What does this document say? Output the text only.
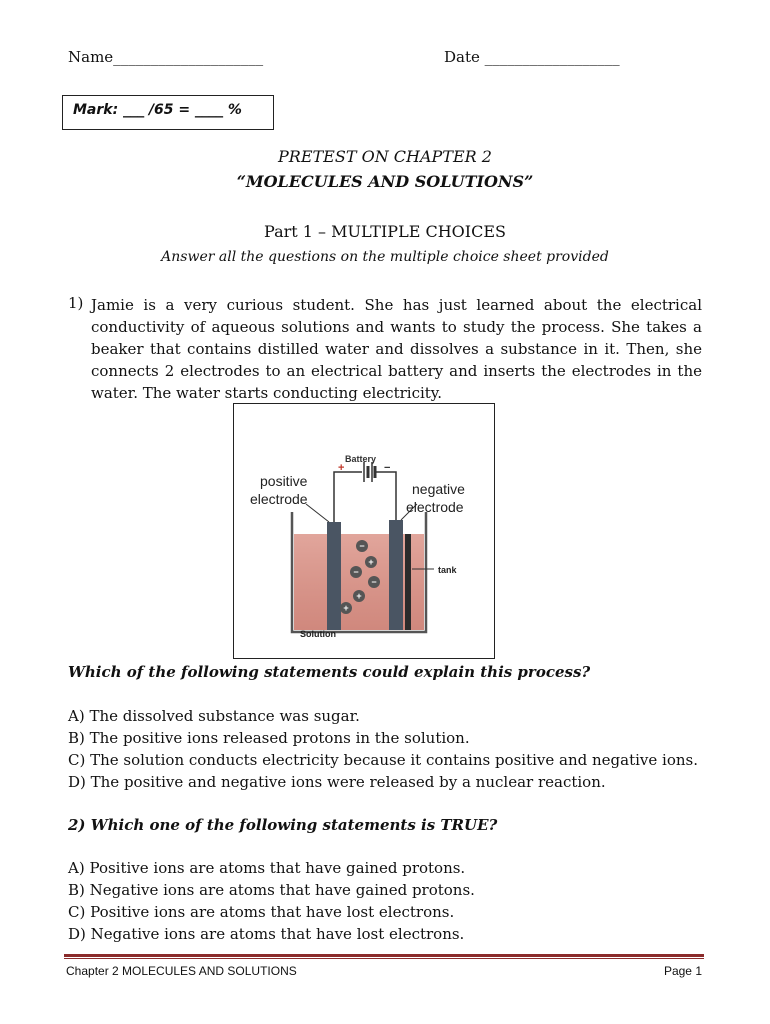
Name____________________	Date __________________
Mark: ___ /65 = ____ %
PRETEST ON CHAPTER 2
“MOLECULES AND SOLUTIONS”
Part 1 – MULTIPLE CHOICES
Answer all the questions on the multiple choice sheet provided
1) Jamie is a very curious student. She has just learned about the electrical conductivity of aqueous solutions and wants to study the process. She takes a beaker that contains distilled water and dissolves a substance in it. Then, she connects 2 electrodes to an electrical battery and inserts the electrodes in the water. The water starts conducting electricity.
Battery
+	−
−
+
−
−
+
+
positive
electrode
negative
electrode
tank
Solution
Which of the following statements could explain this process?
A) The dissolved substance was sugar.
B) The positive ions released protons in the solution.
C) The solution conducts electricity because it contains positive and negative ions.
D) The positive and negative ions were released by a nuclear reaction.
2) Which one of the following statements is TRUE?
A) Positive ions are atoms that have gained protons.
B) Negative ions are atoms that have gained protons.
C) Positive ions are atoms that have lost electrons.
D) Negative ions are atoms that have lost electrons.
Chapter 2 MOLECULES AND SOLUTIONS	Page 1
